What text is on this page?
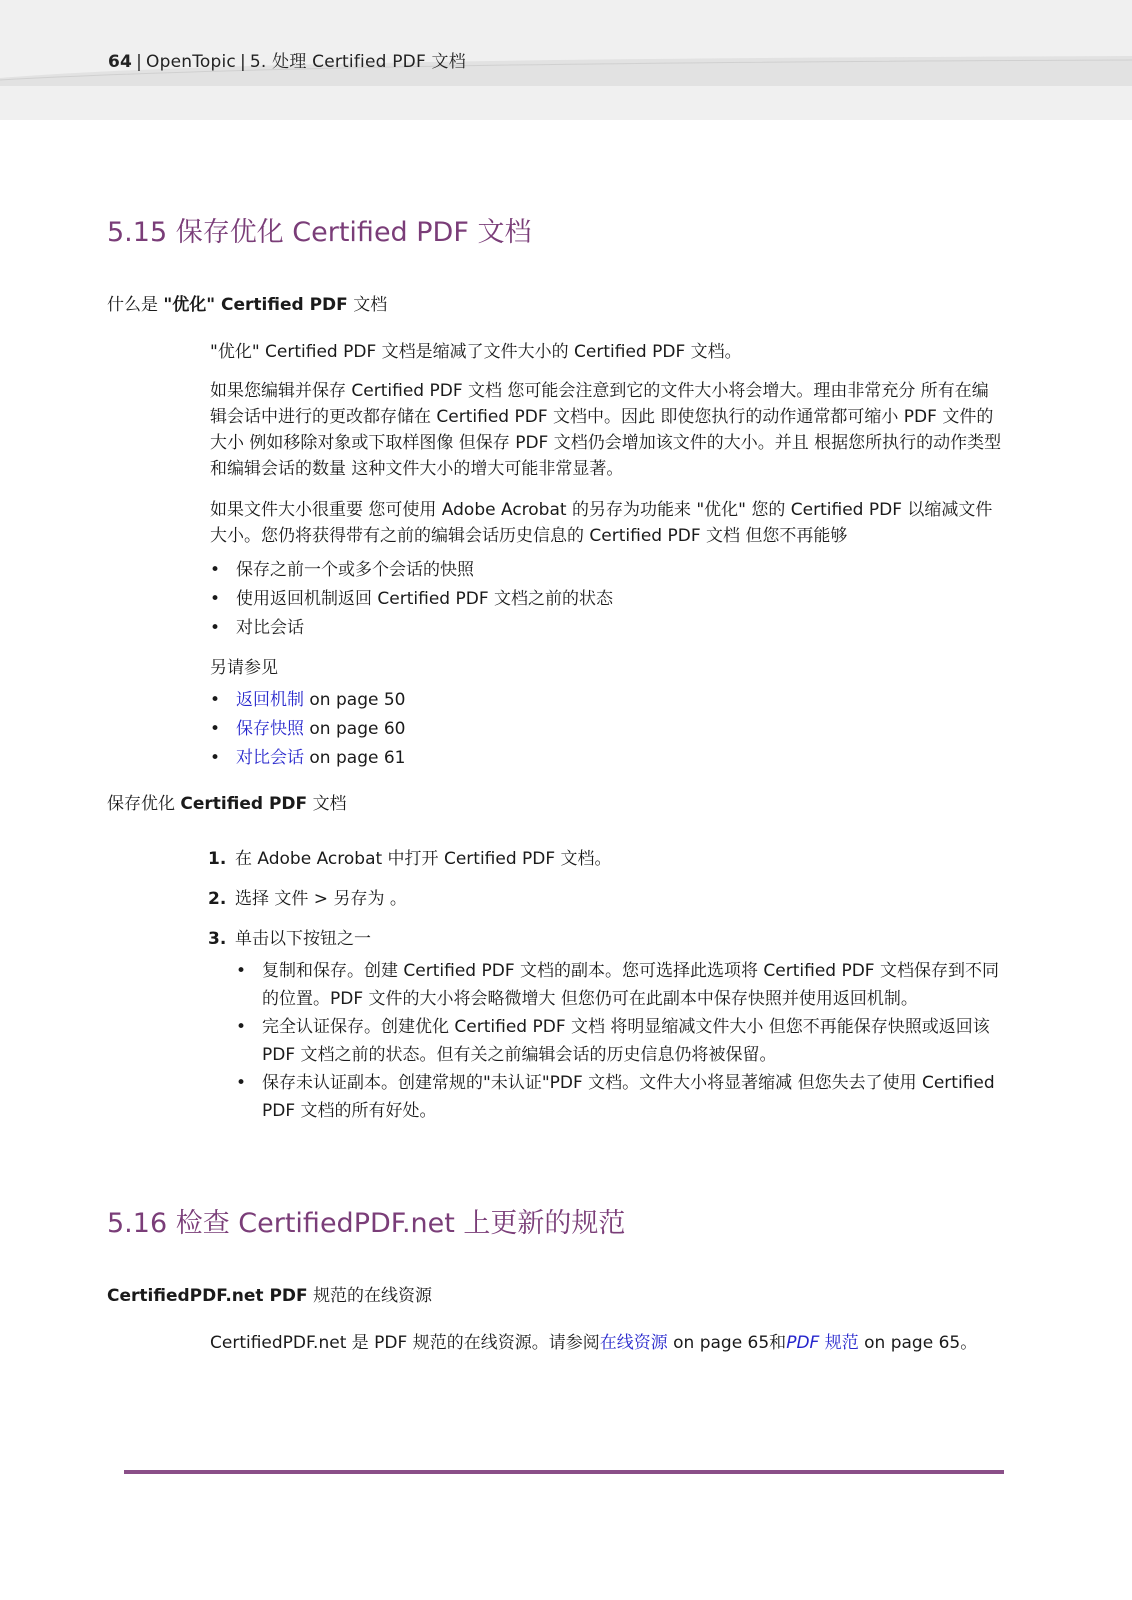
64 | OpenTopic | 5. 处理 Certified PDF 文档
5.15 保存优化 Certified PDF 文档
什么是 "优化" Certified PDF 文档

"优化" Certified PDF 文档是缩减了文件大小的 Certified PDF 文档。

如果您编辑并保存 Certified PDF 文档 您可能会注意到它的文件大小将会增大。理由非常充分 所有在编辑会话中进行的更改都存储在 Certified PDF 文档中。因此 即使您执行的动作通常都可缩小 PDF 文件的大小 例如移除对象或下取样图像 但保存 PDF 文档仍会增加该文件的大小。并且 根据您所执行的动作类型和编辑会话的数量 这种文件大小的增大可能非常显著。

如果文件大小很重要 您可使用 Adobe Acrobat 的另存为功能来 "优化" 您的 Certified PDF 以缩减文件大小。您仍将获得带有之前的编辑会话历史信息的 Certified PDF 文档 但您不再能够

• 保存之前一个或多个会话的快照
• 使用返回机制返回 Certified PDF 文档之前的状态
• 对比会话

另请参见

• 返回机制 on page 50
• 保存快照 on page 60
• 对比会话 on page 61
保存优化 Certified PDF 文档
1. 在 Adobe Acrobat 中打开 Certified PDF 文档。
2. 选择 文件 > 另存为 。
3. 单击以下按钮之一
• 复制和保存。创建 Certified PDF 文档的副本。您可选择此选项将 Certified PDF 文档保存到不同的位置。PDF 文件的大小将会略微增大 但您仍可在此副本中保存快照并使用返回机制。
• 完全认证保存。创建优化 Certified PDF 文档 将明显缩减文件大小 但您不再能保存快照或返回该 PDF 文档之前的状态。但有关之前编辑会话的历史信息仍将被保留。
• 保存未认证副本。创建常规的"未认证"PDF 文档。文件大小将显著缩减 但您失去了使用 Certified PDF 文档的所有好处。
5.16 检查 CertifiedPDF.net 上更新的规范
CertifiedPDF.net PDF 规范的在线资源

CertifiedPDF.net 是 PDF 规范的在线资源。请参阅在线资源 on page 65和PDF 规范 on page 65。
